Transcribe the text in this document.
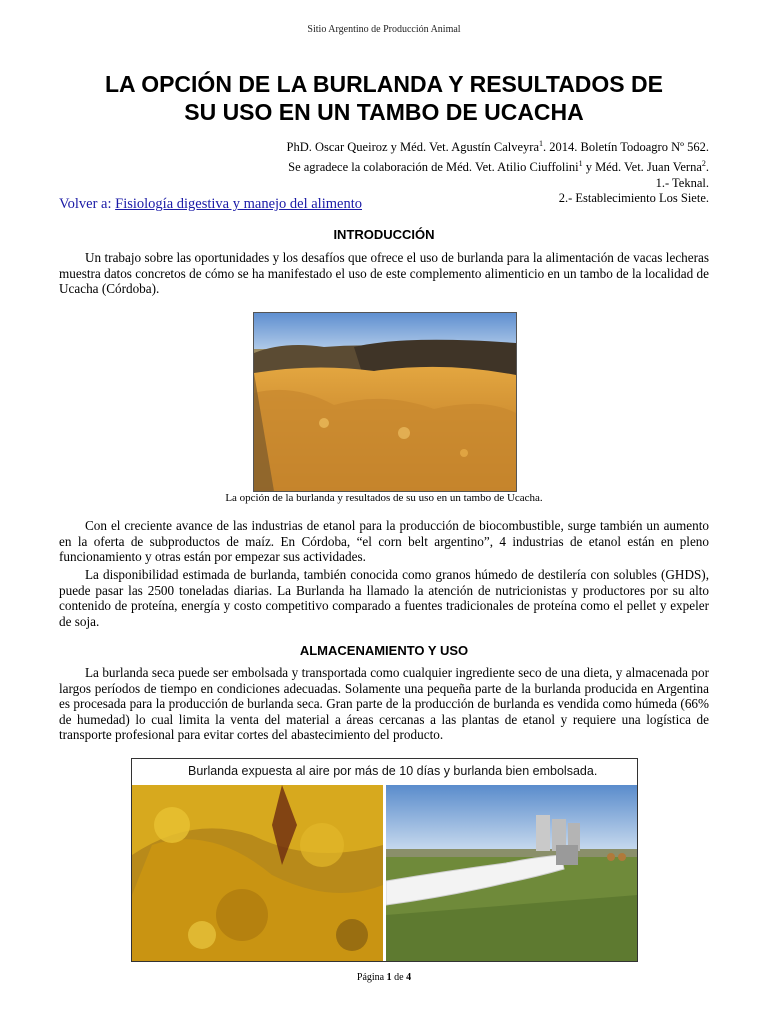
Sitio Argentino de Producción Animal
LA OPCIÓN DE LA BURLANDA Y RESULTADOS DE
SU USO EN UN TAMBO DE UCACHA
PhD. Oscar Queiroz y Méd. Vet. Agustín Calveyra$^1$. 2014. Boletín Todoagro Nº 562.
Se agradece la colaboración de Méd. Vet. Atilio Ciuffolini$^1$ y Méd. Vet. Juan Verna$^2$.
1.- Teknal.
2.- Establecimiento Los Siete.
Volver a: Fisiología digestiva y manejo del alimento
INTRODUCCIÓN

Un trabajo sobre las oportunidades y los desafíos que ofrece el uso de burlanda para la alimentación de vacas lecheras muestra datos concretos de cómo se ha manifestado el uso de este complemento alimenticio en un tambo de la localidad de Ucacha (Córdoba).

La opción de la burlanda y resultados de su uso en un tambo de Ucacha.

Con el creciente avance de las industrias de etanol para la producción de biocombustible, surge también un aumento en la oferta de subproductos de maíz. En Córdoba, “el corn belt argentino”, 4 industrias de etanol están en pleno funcionamiento y otras están por empezar sus actividades.

La disponibilidad estimada de burlanda, también conocida como granos húmedo de destilería con solubles (GHDS), puede pasar las 2500 toneladas diarias. La Burlanda ha llamado la atención de nutricionistas y productores por su alto contenido de proteína, energía y costo competitivo comparado a fuentes tradicionales de proteína como el pellet y expeler de soja.

ALMACENAMIENTO Y USO

La burlanda seca puede ser embolsada y transportada como cualquier ingrediente seco de una dieta, y almacenada por largos períodos de tiempo en condiciones adecuadas. Solamente una pequeña parte de la burlanda producida en Argentina es procesada para la producción de burlanda seca. Gran parte de la producción de burlanda es vendida como húmeda (66% de humedad) lo cual limita la venta del material a áreas cercanas a las plantas de etanol y requiere una logística de transporte profesional para evitar cortes del abastecimiento del producto.

Burlanda expuesta al aire por más de 10 días y burlanda bien embolsada.
Página 1 de 4
